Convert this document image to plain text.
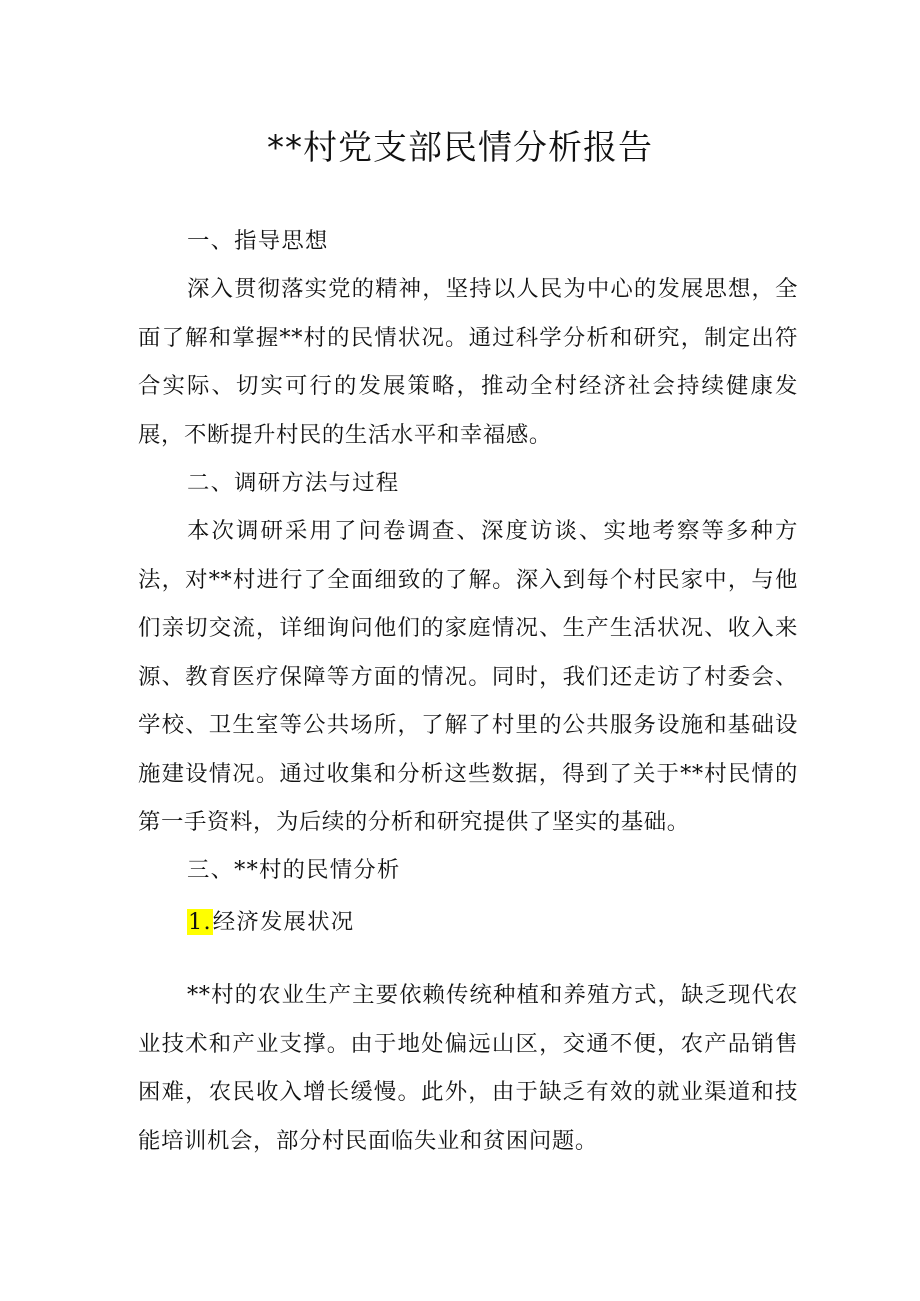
**村党支部民情分析报告
一、指导思想

深入贯彻落实党的精神，坚持以人民为中心的发展思想，全面了解和掌握**村的民情状况。通过科学分析和研究，制定出符合实际、切实可行的发展策略，推动全村经济社会持续健康发展，不断提升村民的生活水平和幸福感。

二、调研方法与过程

本次调研采用了问卷调查、深度访谈、实地考察等多种方法，对**村进行了全面细致的了解。深入到每个村民家中，与他们亲切交流，详细询问他们的家庭情况、生产生活状况、收入来源、教育医疗保障等方面的情况。同时，我们还走访了村委会、学校、卫生室等公共场所，了解了村里的公共服务设施和基础设施建设情况。通过收集和分析这些数据，得到了关于**村民情的第一手资料，为后续的分析和研究提供了坚实的基础。

三、**村的民情分析
1.经济发展状况

**村的农业生产主要依赖传统种植和养殖方式，缺乏现代农业技术和产业支撑。由于地处偏远山区，交通不便，农产品销售困难，农民收入增长缓慢。此外，由于缺乏有效的就业渠道和技能培训机会，部分村民面临失业和贫困问题。
